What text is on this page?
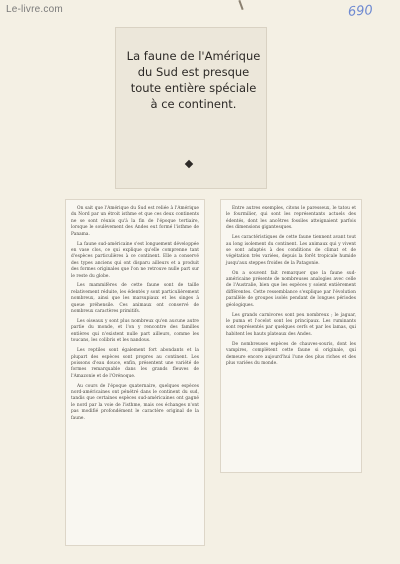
Le-livre.com	690
La faune de l'Amérique du Sud est presque toute entière spéciale à ce continent.

On sait que l'Amérique du Sud est reliée à l'Amérique du Nord par un étroit isthme et que ces deux continents ne se sont réunis qu'à la fin de l'époque tertiaire, lorsque le soulèvement des Andes eut formé l'isthme de Panama.

La faune sud-américaine s'est longuement développée en vase clos, ce qui explique qu'elle comprenne tant d'espèces particulières à ce continent. Elle a conservé des types anciens qui ont disparu ailleurs et a produit des formes originales que l'on ne retrouve nulle part sur le reste du globe.

Les mammifères de cette faune sont de taille relativement réduite, les édentés y sont particulièrement nombreux, ainsi que les marsupiaux et les singes à queue préhensile. Ces animaux ont conservé de nombreux caractères primitifs.

Les oiseaux y sont plus nombreux qu'en aucune autre partie du monde, et l'on y rencontre des familles entières qui n'existent nulle part ailleurs, comme les toucans, les colibris et les nandous.

Les reptiles sont également fort abondants et la plupart des espèces sont propres au continent. Les poissons d'eau douce, enfin, présentent une variété de formes remarquable dans les grands fleuves de l'Amazonie et de l'Orénoque.

Au cours de l'époque quaternaire, quelques espèces nord-américaines ont pénétré dans le continent du sud, tandis que certaines espèces sud-américaines ont gagné le nord par la voie de l'isthme, mais ces échanges n'ont pas modifié profondément le caractère original de la faune.

Entre autres exemples, citons le paresseux, le tatou et le fourmilier, qui sont les représentants actuels des édentés, dont les ancêtres fossiles atteignaient parfois des dimensions gigantesques.

Les caractéristiques de cette faune tiennent avant tout au long isolement du continent. Les animaux qui y vivent se sont adaptés à des conditions de climat et de végétation très variées, depuis la forêt tropicale humide jusqu'aux steppes froides de la Patagonie.

On a souvent fait remarquer que la faune sud-américaine présente de nombreuses analogies avec celle de l'Australie, bien que les espèces y soient entièrement différentes. Cette ressemblance s'explique par l'évolution parallèle de groupes isolés pendant de longues périodes géologiques.

Les grands carnivores sont peu nombreux ; le jaguar, le puma et l'ocelot sont les principaux. Les ruminants sont représentés par quelques cerfs et par les lamas, qui habitent les hauts plateaux des Andes.

De nombreuses espèces de chauves-souris, dont les vampires, complètent cette faune si originale, qui demeure encore aujourd'hui l'une des plus riches et des plus variées du monde.
